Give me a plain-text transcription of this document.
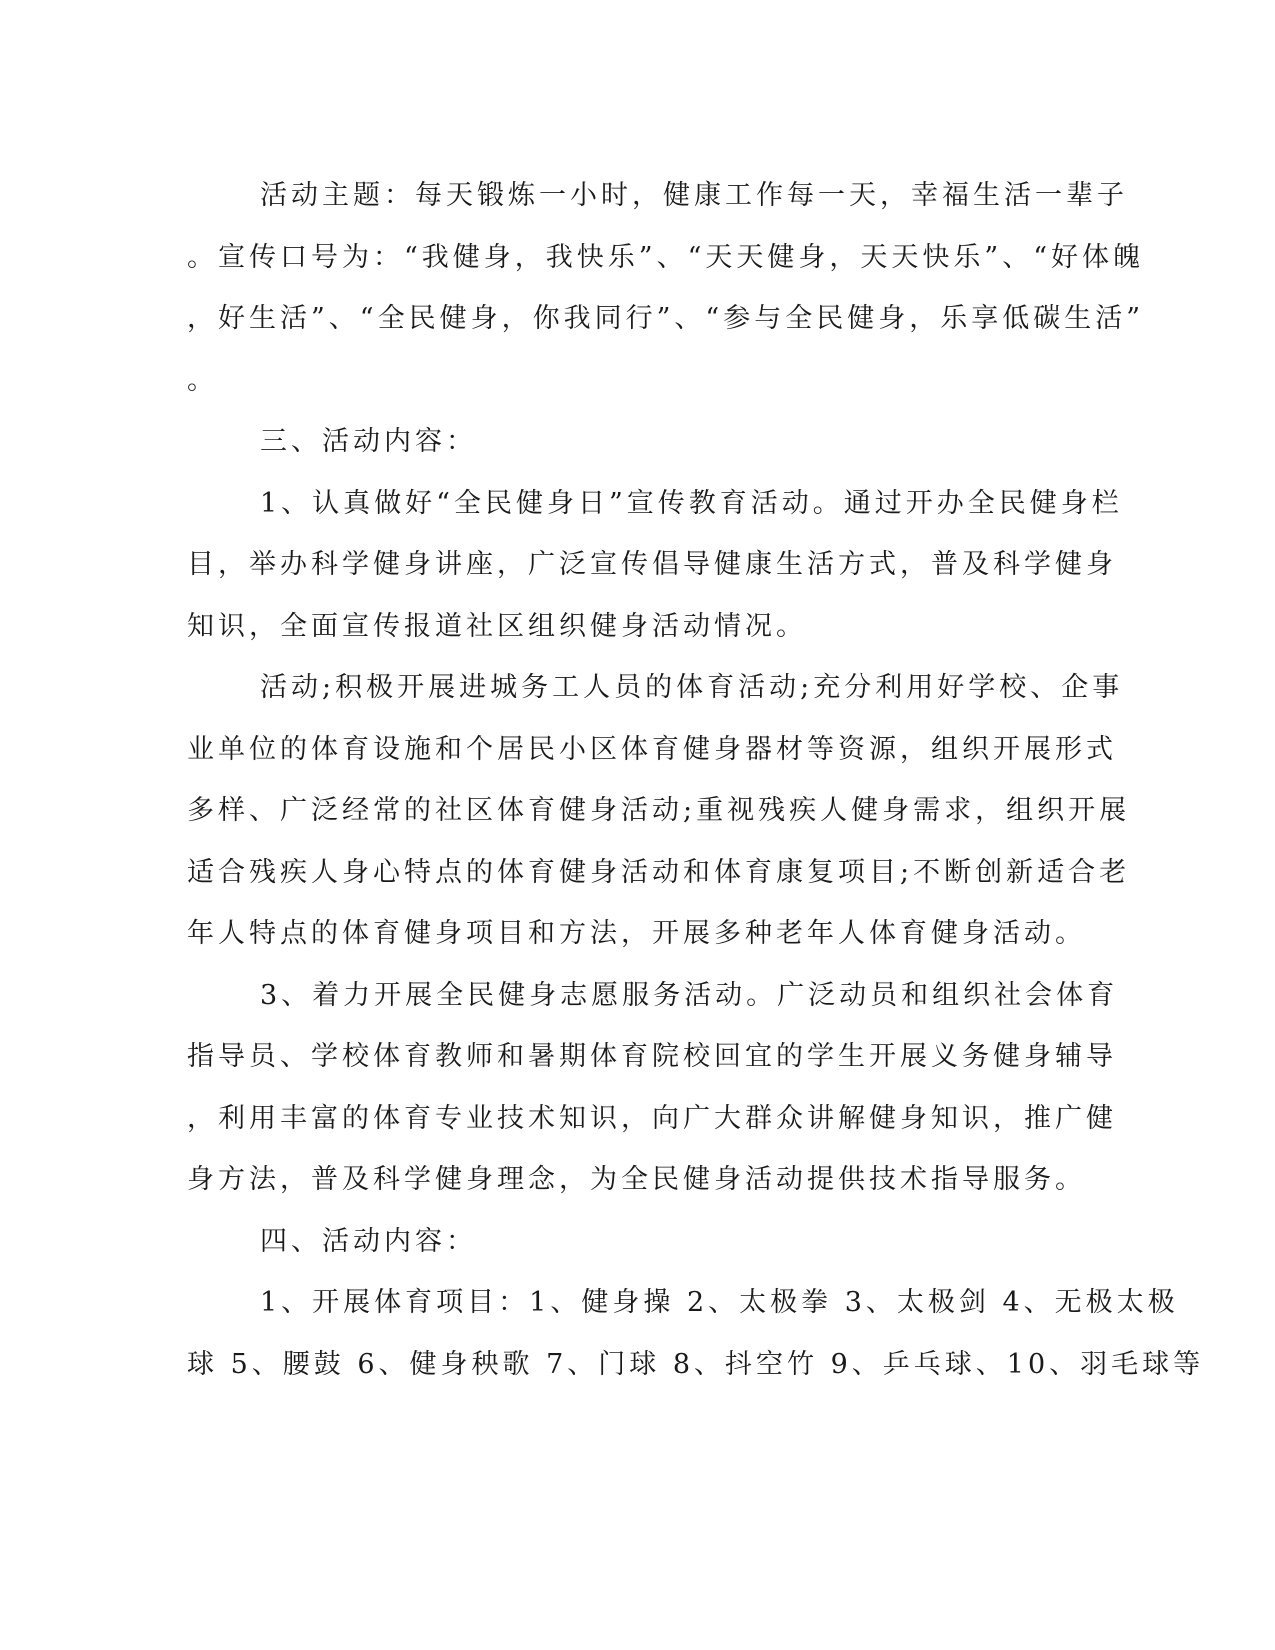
活动主题：每天锻炼一小时，健康工作每一天，幸福生活一辈子
。宣传口号为：“我健身，我快乐”、“天天健身，天天快乐”、“好体魄
，好生活”、“全民健身，你我同行”、“参与全民健身，乐享低碳生活”
。
三、活动内容：
1、认真做好“全民健身日”宣传教育活动。通过开办全民健身栏
目，举办科学健身讲座，广泛宣传倡导健康生活方式，普及科学健身
知识，全面宣传报道社区组织健身活动情况。
活动;积极开展进城务工人员的体育活动;充分利用好学校、企事
业单位的体育设施和个居民小区体育健身器材等资源，组织开展形式
多样、广泛经常的社区体育健身活动;重视残疾人健身需求，组织开展
适合残疾人身心特点的体育健身活动和体育康复项目;不断创新适合老
年人特点的体育健身项目和方法，开展多种老年人体育健身活动。
3、着力开展全民健身志愿服务活动。广泛动员和组织社会体育
指导员、学校体育教师和暑期体育院校回宜的学生开展义务健身辅导
，利用丰富的体育专业技术知识，向广大群众讲解健身知识，推广健
身方法，普及科学健身理念，为全民健身活动提供技术指导服务。
四、活动内容：
1、开展体育项目：1、健身操 2、太极拳 3、太极剑 4、无极太极
球 5、腰鼓 6、健身秧歌 7、门球 8、抖空竹 9、乒乓球、10、羽毛球等
